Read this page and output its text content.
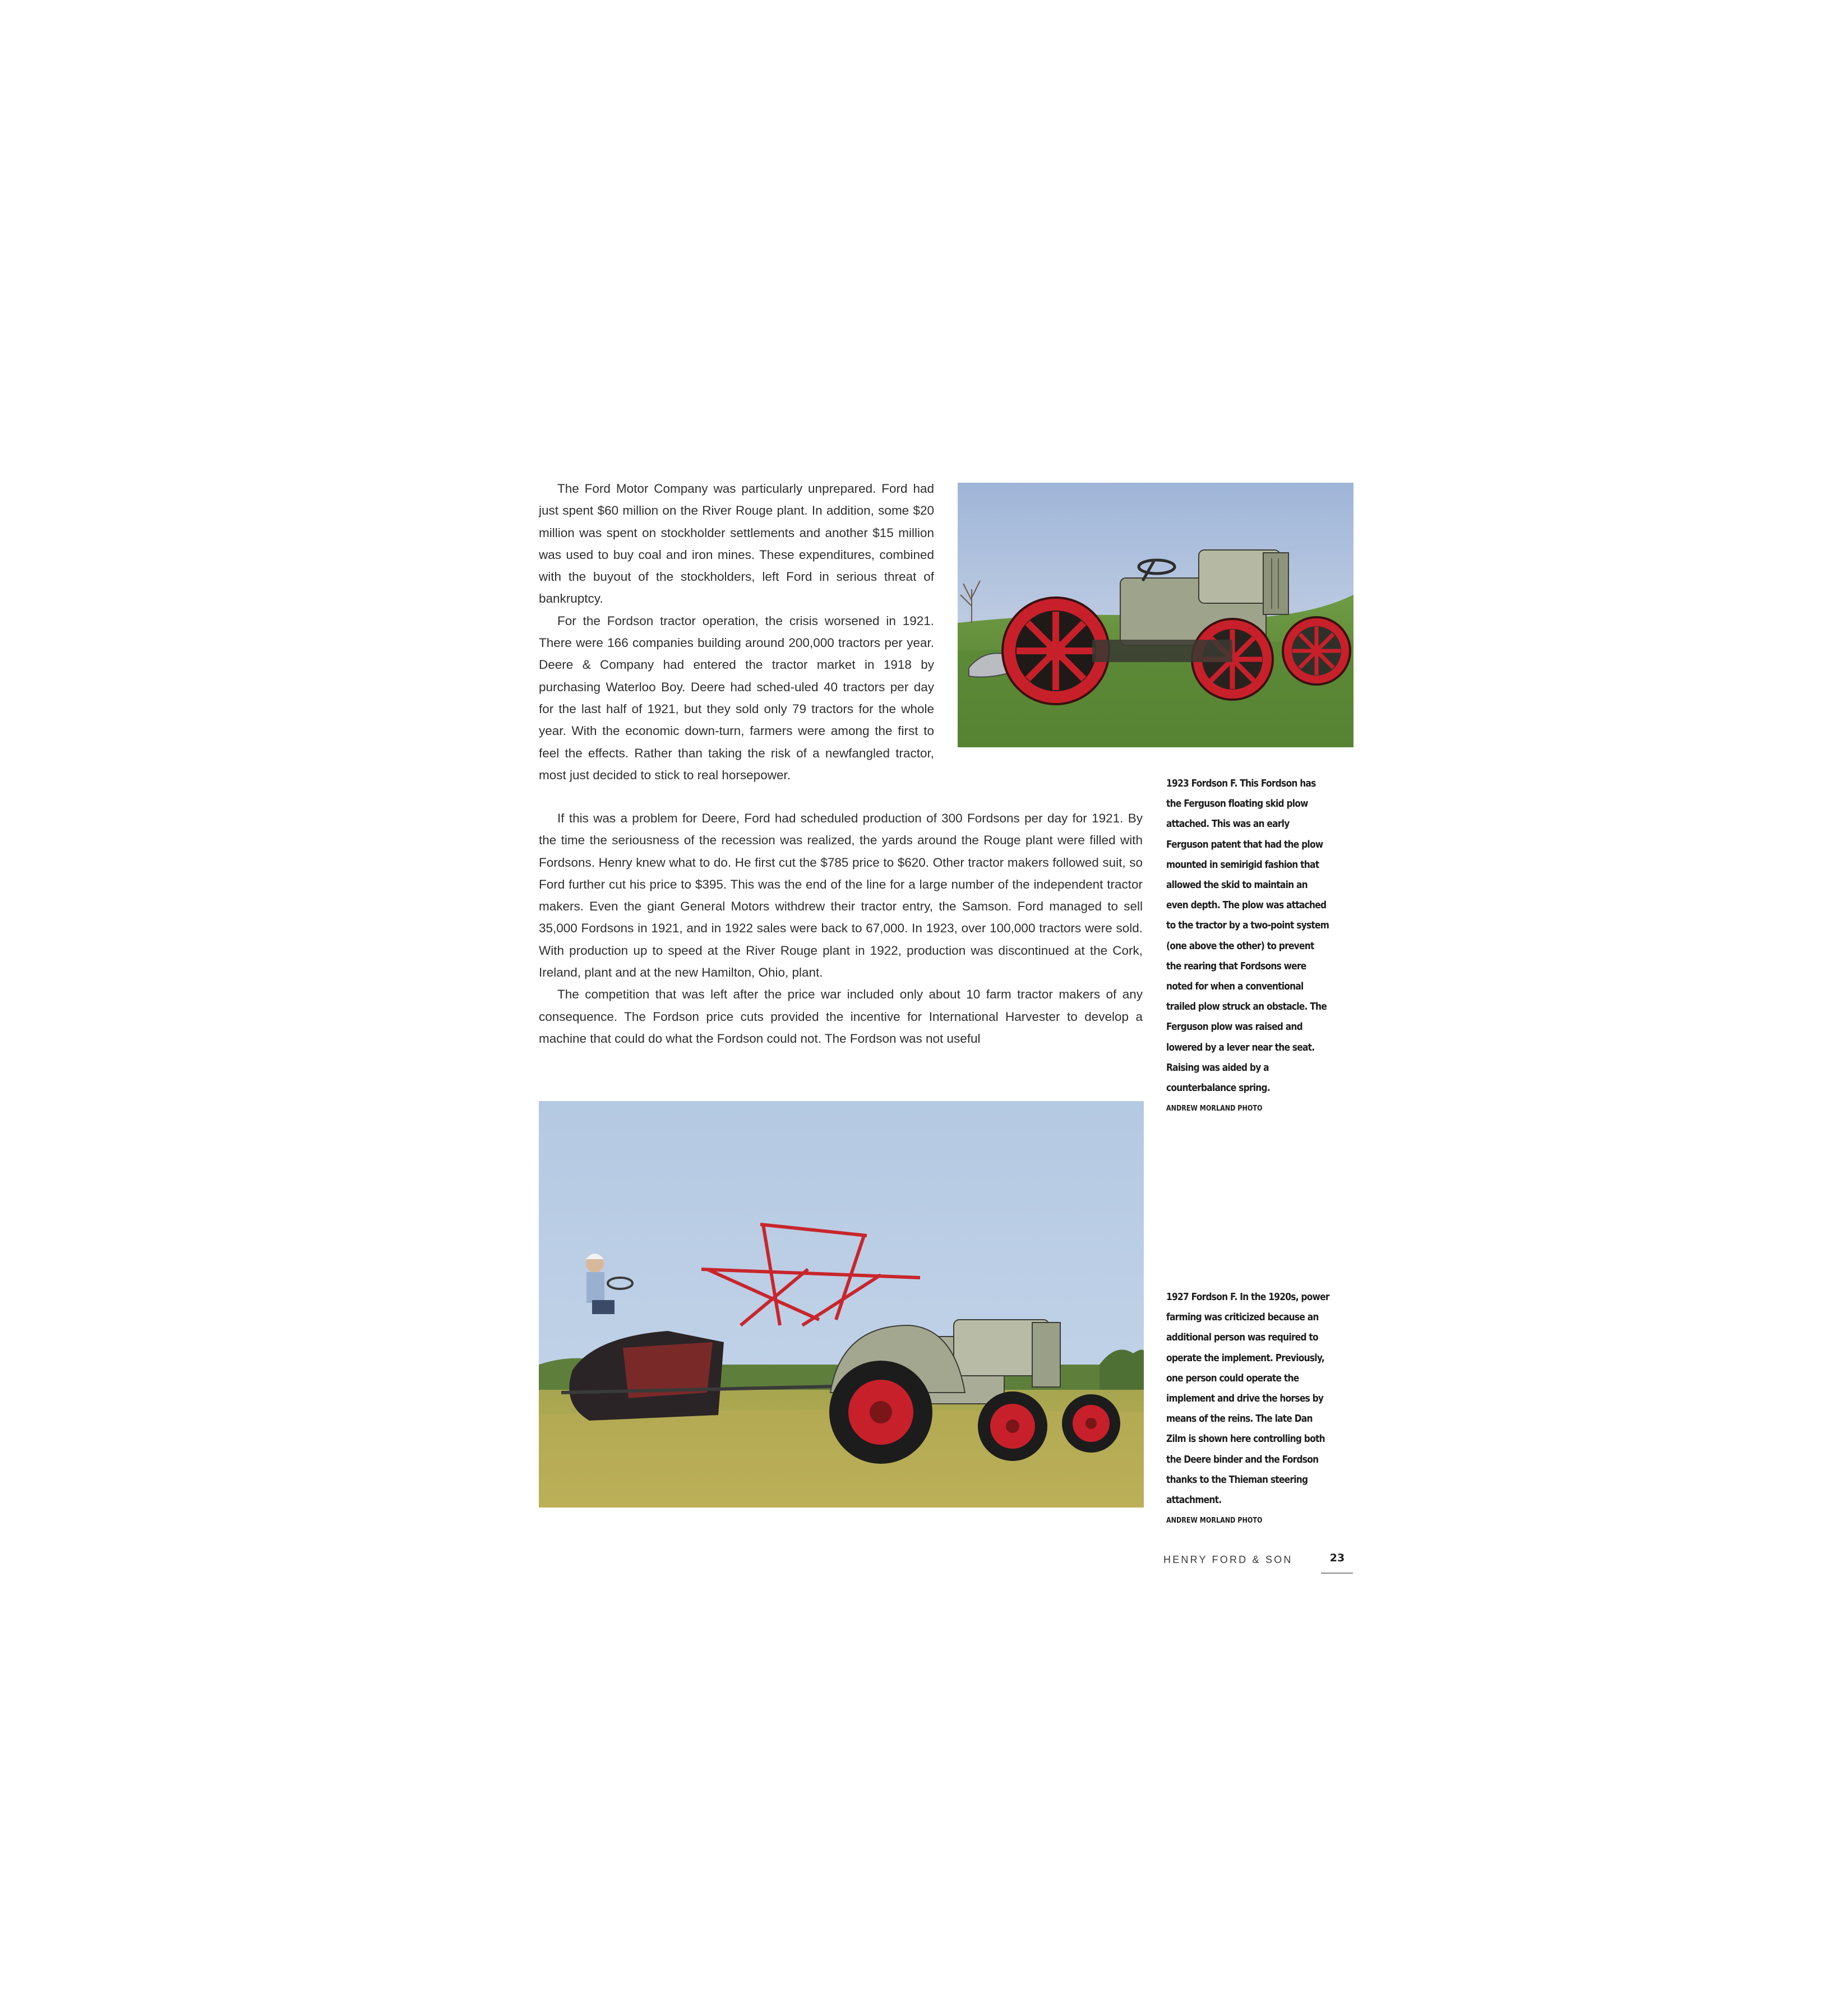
The Ford Motor Company was particularly unprepared. Ford had just spent $60 million on the River Rouge plant. In addition, some $20 million was spent on stockholder settlements and another $15 million was used to buy coal and iron mines. These expenditures, combined with the buyout of the stockholders, left Ford in serious threat of bankruptcy.

For the Fordson tractor operation, the crisis worsened in 1921. There were 166 companies building around 200,000 tractors per year. Deere & Company had entered the tractor market in 1918 by purchasing Waterloo Boy. Deere had sched-uled 40 tractors per day for the last half of 1921, but they sold only 79 tractors for the whole year. With the economic down-turn, farmers were among the first to feel the effects. Rather than taking the risk of a newfangled tractor, most just decided to stick to real horsepower.

If this was a problem for Deere, Ford had scheduled production of 300 Fordsons per day for 1921. By the time the seriousness of the recession was realized, the yards around the Rouge plant were filled with Fordsons. Henry knew what to do. He first cut the $785 price to $620. Other tractor makers followed suit, so Ford further cut his price to $395. This was the end of the line for a large number of the independent tractor makers. Even the giant General Motors withdrew their tractor entry, the Samson. Ford managed to sell 35,000 Fordsons in 1921, and in 1922 sales were back to 67,000. In 1923, over 100,000 tractors were sold. With production up to speed at the River Rouge plant in 1922, production was discontinued at the Cork, Ireland, plant and at the new Hamilton, Ohio, plant.

The competition that was left after the price war included only about 10 farm tractor makers of any consequence. The Fordson price cuts provided the incentive for International Harvester to develop a machine that could do what the Fordson could not. The Fordson was not useful

1923 Fordson F. This Fordson has the Ferguson floating skid plow attached. This was an early Ferguson patent that had the plow mounted in semirigid fashion that allowed the skid to maintain an even depth. The plow was attached to the tractor by a two-point system (one above the other) to prevent the rearing that Fordsons were noted for when a conventional trailed plow struck an obstacle. The Ferguson plow was raised and lowered by a lever near the seat. Raising was aided by a counterbalance spring.
ANDREW MORLAND PHOTO
1927 Fordson F. In the 1920s, power farming was criticized because an additional person was required to operate the implement. Previously, one person could operate the implement and drive the horses by means of the reins. The late Dan Zilm is shown here controlling both the Deere binder and the Fordson thanks to the Thieman steering attachment.
ANDREW MORLAND PHOTO
HENRY FORD & SON	23
